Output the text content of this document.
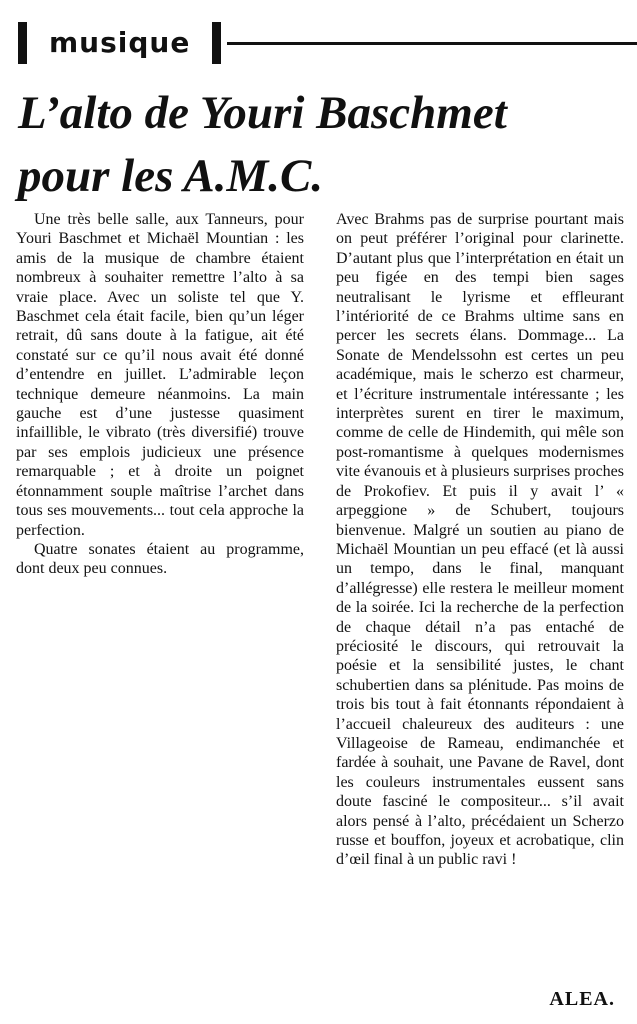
musique
L’alto de Youri Baschmet
pour les A.M.C.

Une très belle salle, aux Tanneurs, pour Youri Baschmet et Michaël Mountian : les amis de la musique de chambre étaient nombreux à souhaiter remettre l’alto à sa vraie place. Avec un soliste tel que Y. Baschmet cela était facile, bien qu’un léger retrait, dû sans doute à la fatigue, ait été constaté sur ce qu’il nous avait été donné d’entendre en juillet. L’admirable leçon technique demeure néanmoins. La main gauche est d’une justesse quasiment infaillible, le vibrato (très diversifié) trouve par ses emplois judicieux une présence remarquable ; et à droite un poignet étonnamment souple maîtrise l’archet dans tous ses mouvements... tout cela approche la perfection.

Quatre sonates étaient au programme, dont deux peu connues.

Avec Brahms pas de surprise pourtant mais on peut préférer l’original pour clarinette. D’autant plus que l’interprétation en était un peu figée en des tempi bien sages neutralisant le lyrisme et effleurant l’intériorité de ce Brahms ultime sans en percer les secrets élans. Dommage... La Sonate de Mendelssohn est certes un peu académique, mais le scherzo est charmeur, et l’écriture instrumentale intéressante ; les interprètes surent en tirer le maximum, comme de celle de Hindemith, qui mêle son post-romantisme à quelques modernismes vite évanouis et à plusieurs surprises proches de Prokofiev. Et puis il y avait l’ « arpeggione » de Schubert, toujours bienvenue. Malgré un soutien au piano de Michaël Mountian un peu effacé (et là aussi un tempo, dans le final, manquant d’allégresse) elle restera le meilleur moment de la soirée. Ici la recherche de la perfection de chaque détail n’a pas entaché de préciosité le discours, qui retrouvait la poésie et la sensibilité justes, le chant schubertien dans sa plénitude. Pas moins de trois bis tout à fait étonnants répondaient à l’accueil chaleureux des auditeurs : une Villageoise de Rameau, endimanchée et fardée à souhait, une Pavane de Ravel, dont les couleurs instrumentales eussent sans doute fasciné le compositeur... s’il avait alors pensé à l’alto, précédaient un Scherzo russe et bouffon, joyeux et acrobatique, clin d’œil final à un public ravi !

ALEA.
